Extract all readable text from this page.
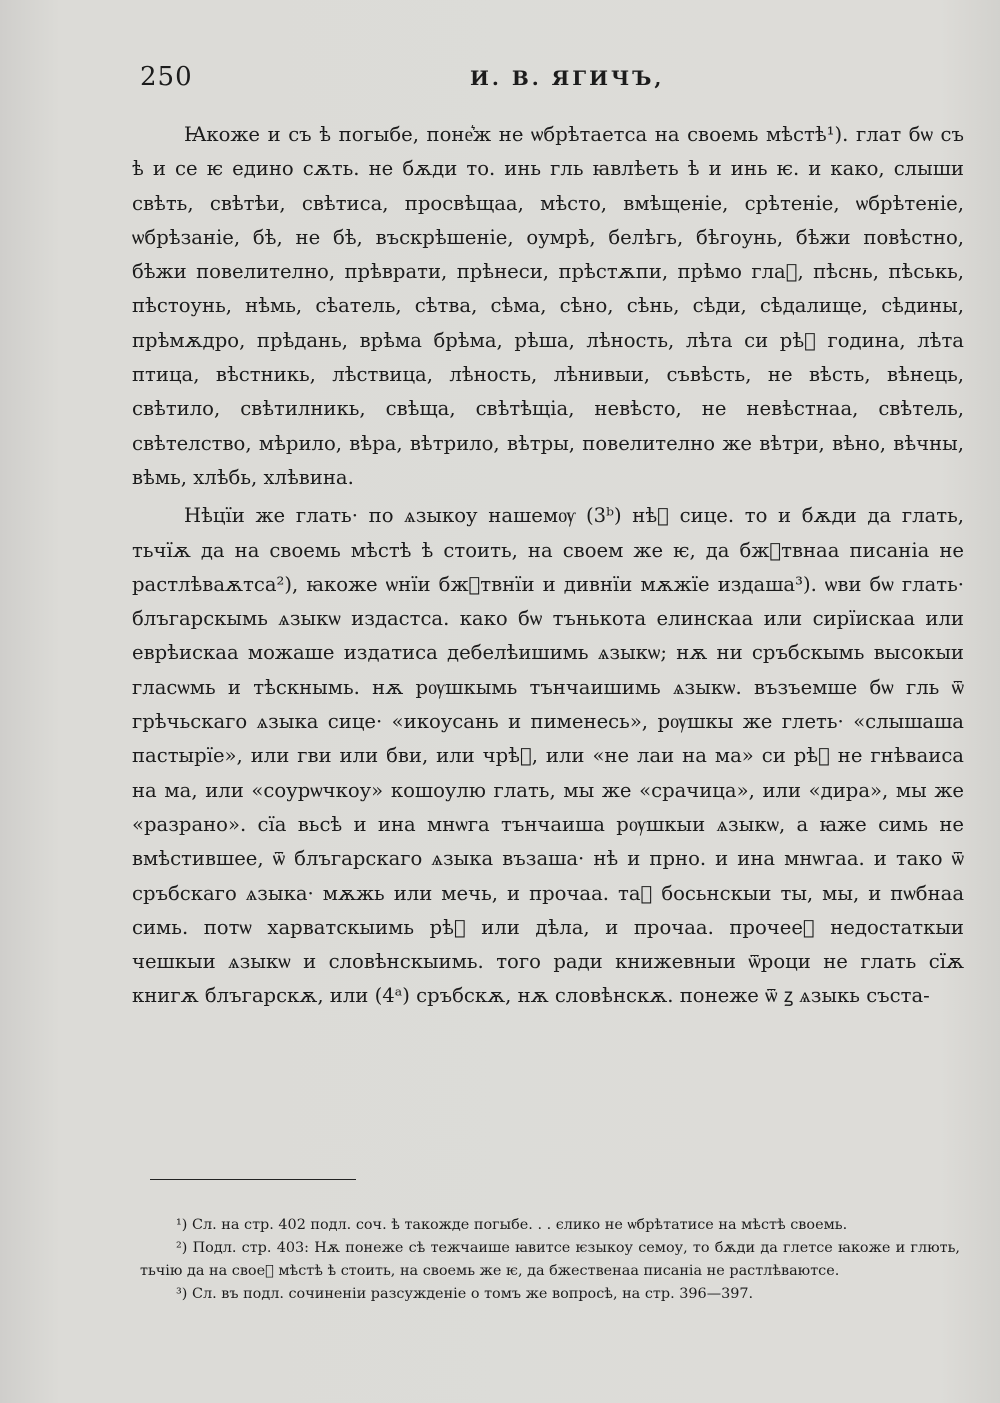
250	И. В. ЯГИЧЪ,

Ꙗкоже и съ ѣ погыбе, поне͛ж не ѡбрѣтаетса на своемь мѣстѣ¹). глат бѡ съ ѣ и се ѥ едино сѫть. не бѫди то. инь гль ꙗвлѣеть ѣ и инь ѥ. и како, слыши свѣть, свѣтѣи, свѣтиса, просвѣщаа, мѣсто, вмѣщеніе, срѣтеніе, ѡбрѣтеніе, ѡбрѣзаніе, бѣ, не бѣ, въскрѣшеніе, оумрѣ, белѣгь, бѣгоунь, бѣжи повѣстно, бѣжи повелително, прѣврати, прѣнеси, прѣстѫпи, прѣмо глаⷡ, пѣснь, пѣськь, пѣстоунь, нѣмь, сѣатель, сѣтва, сѣма, сѣно, сѣнь, сѣди, сѣдалище, сѣдины, прѣмѫдро, прѣдань, врѣма брѣма, рѣша, лѣность, лѣта си рѣⷱ година, лѣта птица, вѣстникь, лѣствица, лѣность, лѣнивыи, съвѣсть, не вѣсть, вѣнець, свѣтило, свѣтилникь, свѣща, свѣтѣщіа, невѣсто, не невѣстнаа, свѣтель, свѣтелство, мѣрило, вѣра, вѣтрило, вѣтры, повелително же вѣтри, вѣно, вѣчны, вѣмь, хлѣбь, хлѣвина.

Нѣцїи же глать· по ѧзыкоу нашемѹ (3ᵇ) нѣⷭ сице. то и бѫди да глать, тьчїѫ да на своемь мѣстѣ ѣ стоить, на своем же ѥ, да бжⷭтвнаа писаніа не растлѣваѫтса²), ꙗкоже ѡнїи бжⷭтвнїи и дивнїи мѫжїе издаша³). ѡви бѡ глать· блъгарскымь ѧзыкѡ издастса. како бѡ тънькота елинскаа или сирїискаа или еврѣискаа можаше издатиса дебелѣишимь ѧзыкѡ; нѫ ни сръбскымь высокыи гласѡмь и тѣскнымь. нѫ рѹшкымь тънчаишимь ѧзыкѡ. възъемше бѡ гль ѿ грѣчьскаго ѧзыка сице· «икоусань и пименесь», рѹшкы же глеть· «слышаша пастырїе», или гви или бви, или чрѣꙁ, или «не лаи на ма» си рѣⷱ не гнѣваиса на ма, или «соурѡчкоу» кошоулю глать, мы же «срачица», или «дира», мы же «разрано». сїа вьсѣ и ина мнѡга тънчаиша рѹшкыи ѧзыкѡ, а ꙗже симь не вмѣстившее, ѿ блъгарскаго ѧзыка възаша· нѣ и прно. и ина мнѡгаа. и тако ѿ сръбскаго ѧзыка· мѫжь или мечь, и прочаа. таⷦ босьнскыи ты, мы, и пѡбнаа симь. потѡ харватскыимь рѣⷯ или дѣла, и прочаа. прочееⷤ недостаткыи чешкыи ѧзыкѡ и словѣнскыимь. того ради книжевныи ѿроци не глать сїѫ книгѫ блъгарскѫ, или (4ᵃ) сръбскѫ, нѫ словѣнскѫ. понеже ѿ ꙁ ѧзыкь съста-

¹) Сл. на стр. 402 подл. соч. ѣ такожде погыбе. . . єлико не ѡбрѣтатисе на мѣстѣ своемь.

²) Подл. стр. 403: Нѫ понеже сѣ тежчаише ꙗвитсе ѥзыкоу семоу, то бѫди да глетсе ꙗкоже и глють, тьчію да на своеⷨ мѣстѣ ѣ стоить, на своемь же ѥ, да бжественаа писаніа не растлѣваютсе.

³) Сл. въ подл. сочиненіи разсужденіе о томъ же вопросѣ, на стр. 396—397.
